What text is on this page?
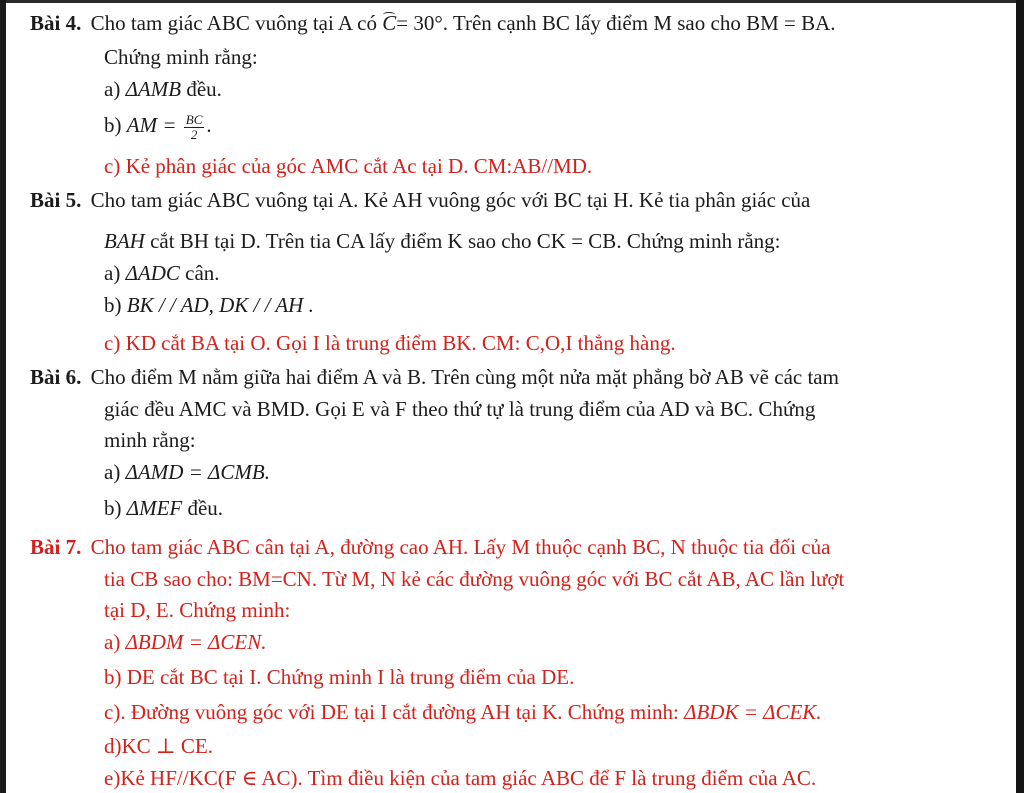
Bài 4. Cho tam giác ABC vuông tại A có C= 30°. Trên cạnh BC lấy điểm M sao cho BM = BA.
Chứng minh rằng:
a) ΔAMB đều.
b) AM = $\frac{BC}{2}$ .
c) Kẻ phân giác của góc AMC cắt Ac tại D. CM:AB//MD.
Bài 5. Cho tam giác ABC vuông tại A. Kẻ AH vuông góc với BC tại H. Kẻ tia phân giác của
BAH cắt BH tại D. Trên tia CA lấy điểm K sao cho CK = CB. Chứng minh rằng:
a) ΔADC cân.
b) BK / / AD, DK / / AH .
c) KD cắt BA tại O. Gọi I là trung điểm BK. CM: C,O,I thẳng hàng.
Bài 6. Cho điểm M nằm giữa hai điểm A và B. Trên cùng một nửa mặt phẳng bờ AB vẽ các tam
giác đều AMC và BMD. Gọi E và F theo thứ tự là trung điểm của AD và BC. Chứng
minh rằng:
a) ΔAMD = ΔCMB.
b) ΔMEF đều.
Bài 7. Cho tam giác ABC cân tại A, đường cao AH. Lấy M thuộc cạnh BC, N thuộc tia đối của
tia CB sao cho: BM=CN. Từ M, N kẻ các đường vuông góc với BC cắt AB, AC lần lượt
tại D, E. Chứng minh:
a) ΔBDM = ΔCEN.
b) DE cắt BC tại I. Chứng minh I là trung điểm của DE.
c). Đường vuông góc với DE tại I cắt đường AH tại K. Chứng minh: ΔBDK = ΔCEK.
d)KC ⊥ CE.
e)Kẻ HF//KC(F ∈ AC). Tìm điều kiện của tam giác ABC để F là trung điểm của AC.
